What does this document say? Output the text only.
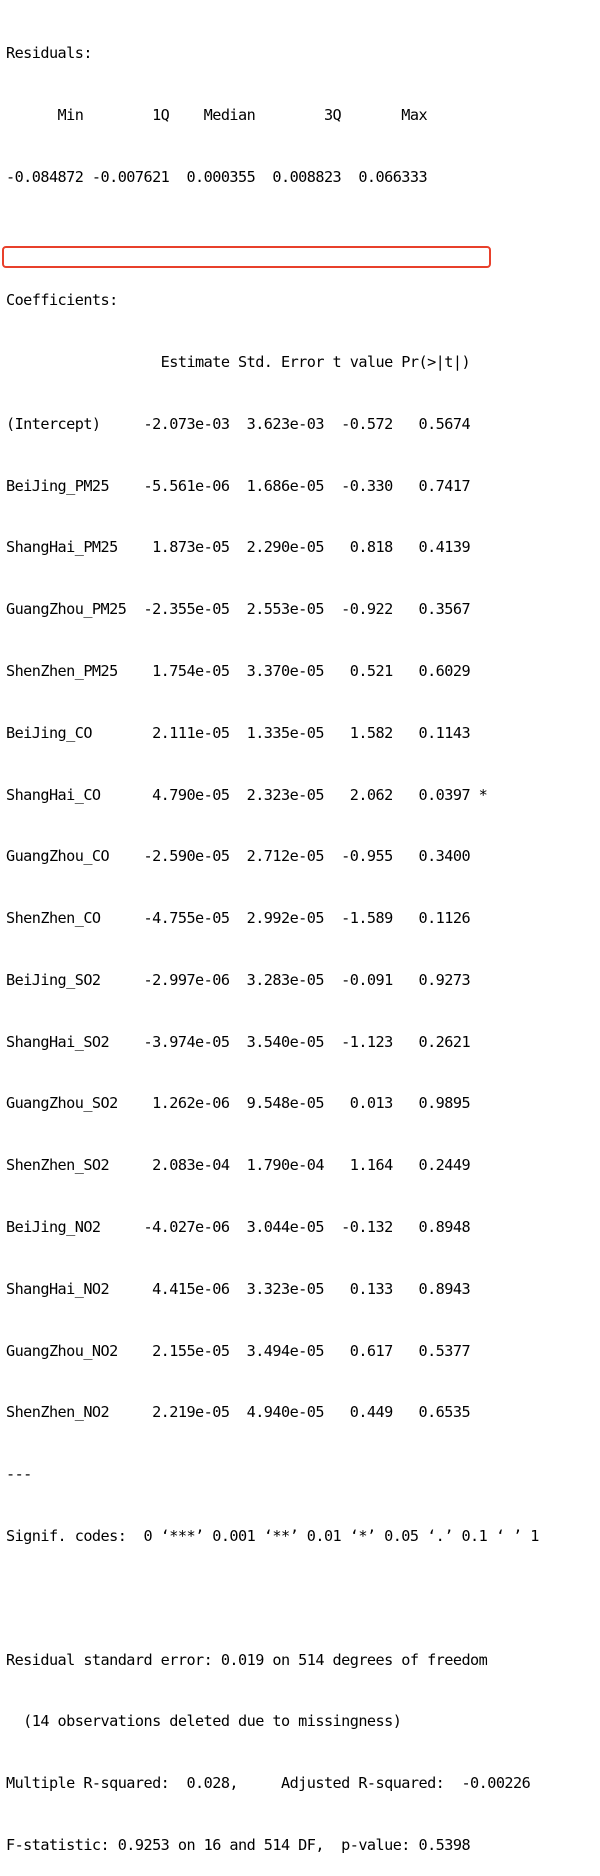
Residuals:

Min        1Q    Median        3Q       Max

-0.084872 -0.007621  0.000355  0.008823  0.066333

Coefficients:

Estimate Std. Error t value Pr(>|t|)

(Intercept)     -2.073e-03  3.623e-03  -0.572   0.5674

BeiJing_PM25    -5.561e-06  1.686e-05  -0.330   0.7417

ShangHai_PM25    1.873e-05  2.290e-05   0.818   0.4139

GuangZhou_PM25  -2.355e-05  2.553e-05  -0.922   0.3567

ShenZhen_PM25    1.754e-05  3.370e-05   0.521   0.6029

BeiJing_CO       2.111e-05  1.335e-05   1.582   0.1143

ShangHai_CO      4.790e-05  2.323e-05   2.062   0.0397 *

GuangZhou_CO    -2.590e-05  2.712e-05  -0.955   0.3400

ShenZhen_CO     -4.755e-05  2.992e-05  -1.589   0.1126

BeiJing_SO2     -2.997e-06  3.283e-05  -0.091   0.9273

ShangHai_SO2    -3.974e-05  3.540e-05  -1.123   0.2621

GuangZhou_SO2    1.262e-06  9.548e-05   0.013   0.9895

ShenZhen_SO2     2.083e-04  1.790e-04   1.164   0.2449

BeiJing_NO2     -4.027e-06  3.044e-05  -0.132   0.8948

ShangHai_NO2     4.415e-06  3.323e-05   0.133   0.8943

GuangZhou_NO2    2.155e-05  3.494e-05   0.617   0.5377

ShenZhen_NO2     2.219e-05  4.940e-05   0.449   0.6535

---

Signif. codes:  0 ‘***’ 0.001 ‘**’ 0.01 ‘*’ 0.05 ‘.’ 0.1 ‘ ’ 1

Residual standard error: 0.019 on 514 degrees of freedom

(14 observations deleted due to missingness)

Multiple R-squared:  0.028,     Adjusted R-squared:  -0.00226

F-statistic: 0.9253 on 16 and 514 DF,  p-value: 0.5398
